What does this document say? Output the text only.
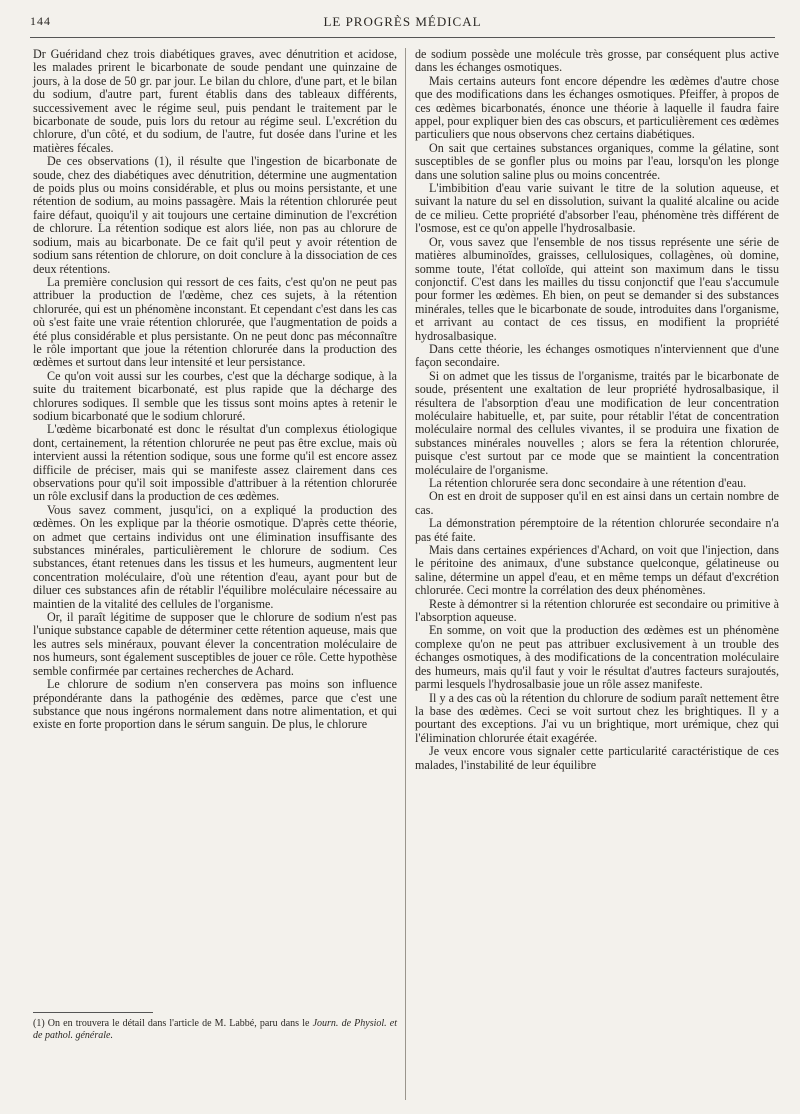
144	LE PROGRÈS MÉDICAL

Dr Guéridand chez trois diabétiques graves, avec dénutrition et acidose, les malades prirent le bicarbonate de soude pendant une quinzaine de jours, à la dose de 50 gr. par jour. Le bilan du chlore, d'une part, et le bilan du sodium, d'autre part, furent établis dans des tableaux différents, successivement avec le régime seul, puis pendant le traitement par le bicarbonate de soude, puis lors du retour au régime seul. L'excrétion du chlorure, d'un côté, et du sodium, de l'autre, fut dosée dans l'urine et les matières fécales.

De ces observations (1), il résulte que l'ingestion de bicarbonate de soude, chez des diabétiques avec dénutrition, détermine une augmentation de poids plus ou moins considérable, et plus ou moins persistante, et une rétention de sodium, au moins passagère. Mais la rétention chlorurée peut faire défaut, quoiqu'il y ait toujours une certaine diminution de l'excrétion de chlorure. La rétention sodique est alors liée, non pas au chlorure de sodium, mais au bicarbonate. De ce fait qu'il peut y avoir rétention de sodium sans rétention de chlorure, on doit conclure à la dissociation de ces deux rétentions.

La première conclusion qui ressort de ces faits, c'est qu'on ne peut pas attribuer la production de l'œdème, chez ces sujets, à la rétention chlorurée, qui est un phénomène inconstant. Et cependant c'est dans les cas où s'est faite une vraie rétention chlorurée, que l'augmentation de poids a été plus considérable et plus persistante. On ne peut donc pas méconnaître le rôle important que joue la rétention chlorurée dans la production des œdèmes et surtout dans leur intensité et leur persistance.

Ce qu'on voit aussi sur les courbes, c'est que la décharge sodique, à la suite du traitement bicarbonaté, est plus rapide que la décharge des chlorures sodiques. Il semble que les tissus sont moins aptes à retenir le sodium bicarbonaté que le sodium chloruré.

L'œdème bicarbonaté est donc le résultat d'un complexus étiologique dont, certainement, la rétention chlorurée ne peut pas être exclue, mais où intervient aussi la rétention sodique, sous une forme qu'il est encore assez difficile de préciser, mais qui se manifeste assez clairement dans ces observations pour qu'il soit impossible d'attribuer à la rétention chlorurée un rôle exclusif dans la production de ces œdèmes.

Vous savez comment, jusqu'ici, on a expliqué la production des œdèmes. On les explique par la théorie osmotique. D'après cette théorie, on admet que certains individus ont une élimination insuffisante des substances minérales, particulièrement le chlorure de sodium. Ces substances, étant retenues dans les tissus et les humeurs, augmentent leur concentration moléculaire, d'où une rétention d'eau, ayant pour but de diluer ces substances afin de rétablir l'équilibre moléculaire nécessaire au maintien de la vitalité des cellules de l'organisme.

Or, il paraît légitime de supposer que le chlorure de sodium n'est pas l'unique substance capable de déterminer cette rétention aqueuse, mais que les autres sels minéraux, pouvant élever la concentration moléculaire de nos humeurs, sont également susceptibles de jouer ce rôle. Cette hypothèse semble confirmée par certaines recherches de Achard.

Le chlorure de sodium n'en conservera pas moins son influence prépondérante dans la pathogénie des œdèmes, parce que c'est une substance que nous ingérons normalement dans notre alimentation, et qui existe en forte proportion dans le sérum sanguin. De plus, le chlorure

de sodium possède une molécule très grosse, par conséquent plus active dans les échanges osmotiques.

Mais certains auteurs font encore dépendre les œdèmes d'autre chose que des modifications dans les échanges osmotiques. Pfeiffer, à propos de ces œdèmes bicarbonatés, énonce une théorie à laquelle il faudra faire appel, pour expliquer bien des cas obscurs, et particulièrement ces œdèmes particuliers que nous observons chez certains diabétiques.

On sait que certaines substances organiques, comme la gélatine, sont susceptibles de se gonfler plus ou moins par l'eau, lorsqu'on les plonge dans une solution saline plus ou moins concentrée.

L'imbibition d'eau varie suivant le titre de la solution aqueuse, et suivant la nature du sel en dissolution, suivant la qualité alcaline ou acide de ce milieu. Cette propriété d'absorber l'eau, phénomène très différent de l'osmose, est ce qu'on appelle l'hydrosalbasie.

Or, vous savez que l'ensemble de nos tissus représente une série de matières albuminoïdes, graisses, cellulosiques, collagènes, où domine, somme toute, l'état colloïde, qui atteint son maximum dans le tissu conjonctif. C'est dans les mailles du tissu conjonctif que l'eau s'accumule pour former les œdèmes. Eh bien, on peut se demander si des substances minérales, telles que le bicarbonate de soude, introduites dans l'organisme, et arrivant au contact de ces tissus, en modifient la propriété hydrosalbasique.

Dans cette théorie, les échanges osmotiques n'interviennent que d'une façon secondaire.

Si on admet que les tissus de l'organisme, traités par le bicarbonate de soude, présentent une exaltation de leur propriété hydrosalbasique, il résultera de l'absorption d'eau une modification de leur concentration moléculaire habituelle, et, par suite, pour rétablir l'état de concentration moléculaire normal des cellules vivantes, il se produira une fixation de substances minérales nouvelles ; alors se fera la rétention chlorurée, puisque c'est surtout par ce mode que se maintient la concentration moléculaire de l'organisme.

La rétention chlorurée sera donc secondaire à une rétention d'eau.

On est en droit de supposer qu'il en est ainsi dans un certain nombre de cas.

La démonstration péremptoire de la rétention chlorurée secondaire n'a pas été faite.

Mais dans certaines expériences d'Achard, on voit que l'injection, dans le péritoine des animaux, d'une substance quelconque, gélatineuse ou saline, détermine un appel d'eau, et en même temps un défaut d'excrétion chlorurée. Ceci montre la corrélation des deux phénomènes.

Reste à démontrer si la rétention chlorurée est secondaire ou primitive à l'absorption aqueuse.

En somme, on voit que la production des œdèmes est un phénomène complexe qu'on ne peut pas attribuer exclusivement à un trouble des échanges osmotiques, à des modifications de la concentration moléculaire des humeurs, mais qu'il faut y voir le résultat d'autres facteurs surajoutés, parmi lesquels l'hydrosalbasie joue un rôle assez manifeste.

Il y a des cas où la rétention du chlorure de sodium paraît nettement être la base des œdèmes. Ceci se voit surtout chez les brightiques. Il y a pourtant des exceptions. J'ai vu un brightique, mort urémique, chez qui l'élimination chlorurée était exagérée.

Je veux encore vous signaler cette particularité caractéristique de ces malades, l'instabilité de leur équilibre

(1) On en trouvera le détail dans l'article de M. Labbé, paru dans le Journ. de Physiol. et de pathol. générale.
